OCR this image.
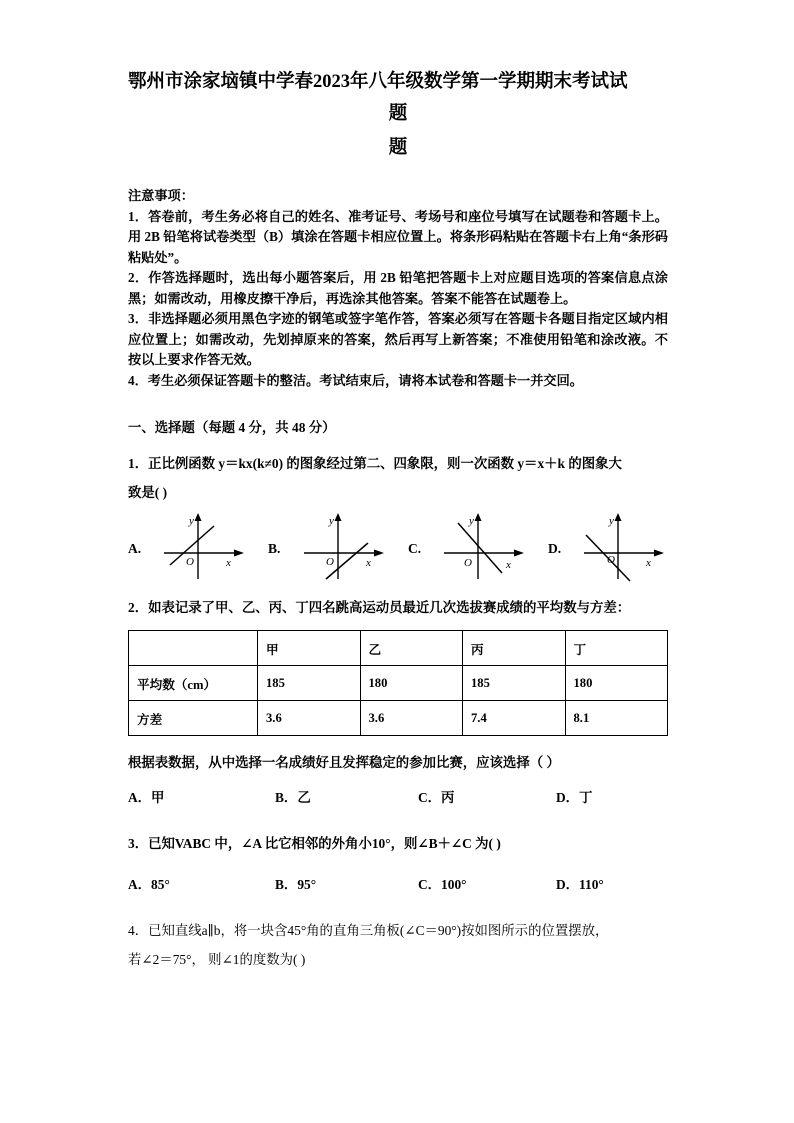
鄂州市涂家垴镇中学春2023年八年级数学第一学期期末考试试
题
题

注意事项：

1．答卷前，考生务必将自己的姓名、准考证号、考场号和座位号填写在试题卷和答题卡上。用 2B 铅笔将试卷类型（B）填涂在答题卡相应位置上。将条形码粘贴在答题卡右上角“条形码粘贴处”。

2．作答选择题时，选出每小题答案后，用 2B 铅笔把答题卡上对应题目选项的答案信息点涂黑；如需改动，用橡皮擦干净后，再选涂其他答案。答案不能答在试题卷上。

3．非选择题必须用黑色字迹的钢笔或签字笔作答，答案必须写在答题卡各题目指定区域内相应位置上；如需改动，先划掉原来的答案，然后再写上新答案；不准使用铅笔和涂改液。不按以上要求作答无效。

4．考生必须保证答题卡的整洁。考试结束后，请将本试卷和答题卡一并交回。

一、选择题（每题 4 分，共 48 分）
1．正比例函数 y＝kx(k≠0) 的图象经过第二、四象限，则一次函数 y＝x＋k 的图象大
致是( )
A.
O
y
x
B.
O
y
x
C.
O
y
x
D.
O
y
x
2．如表记录了甲、乙、丙、丁四名跳高运动员最近几次选拔赛成绩的平均数与方差：
	甲	乙	丙	丁
平均数（cm）	185	180	185	180
方差	3.6	3.6	7.4	8.1
根据表数据，从中选择一名成绩好且发挥稳定的参加比赛，应该选择（ ）
A．甲	B．乙	C．丙	D．丁
3．已知VABC 中，∠A 比它相邻的外角小10°，则∠B＋∠C 为( )
A．85°	B．95°	C．100°	D．110°
4．已知直线a∥b，将一块含45°角的直角三角板(∠C＝90°)按如图所示的位置摆放，
若∠2＝75°， 则∠1的度数为( )
